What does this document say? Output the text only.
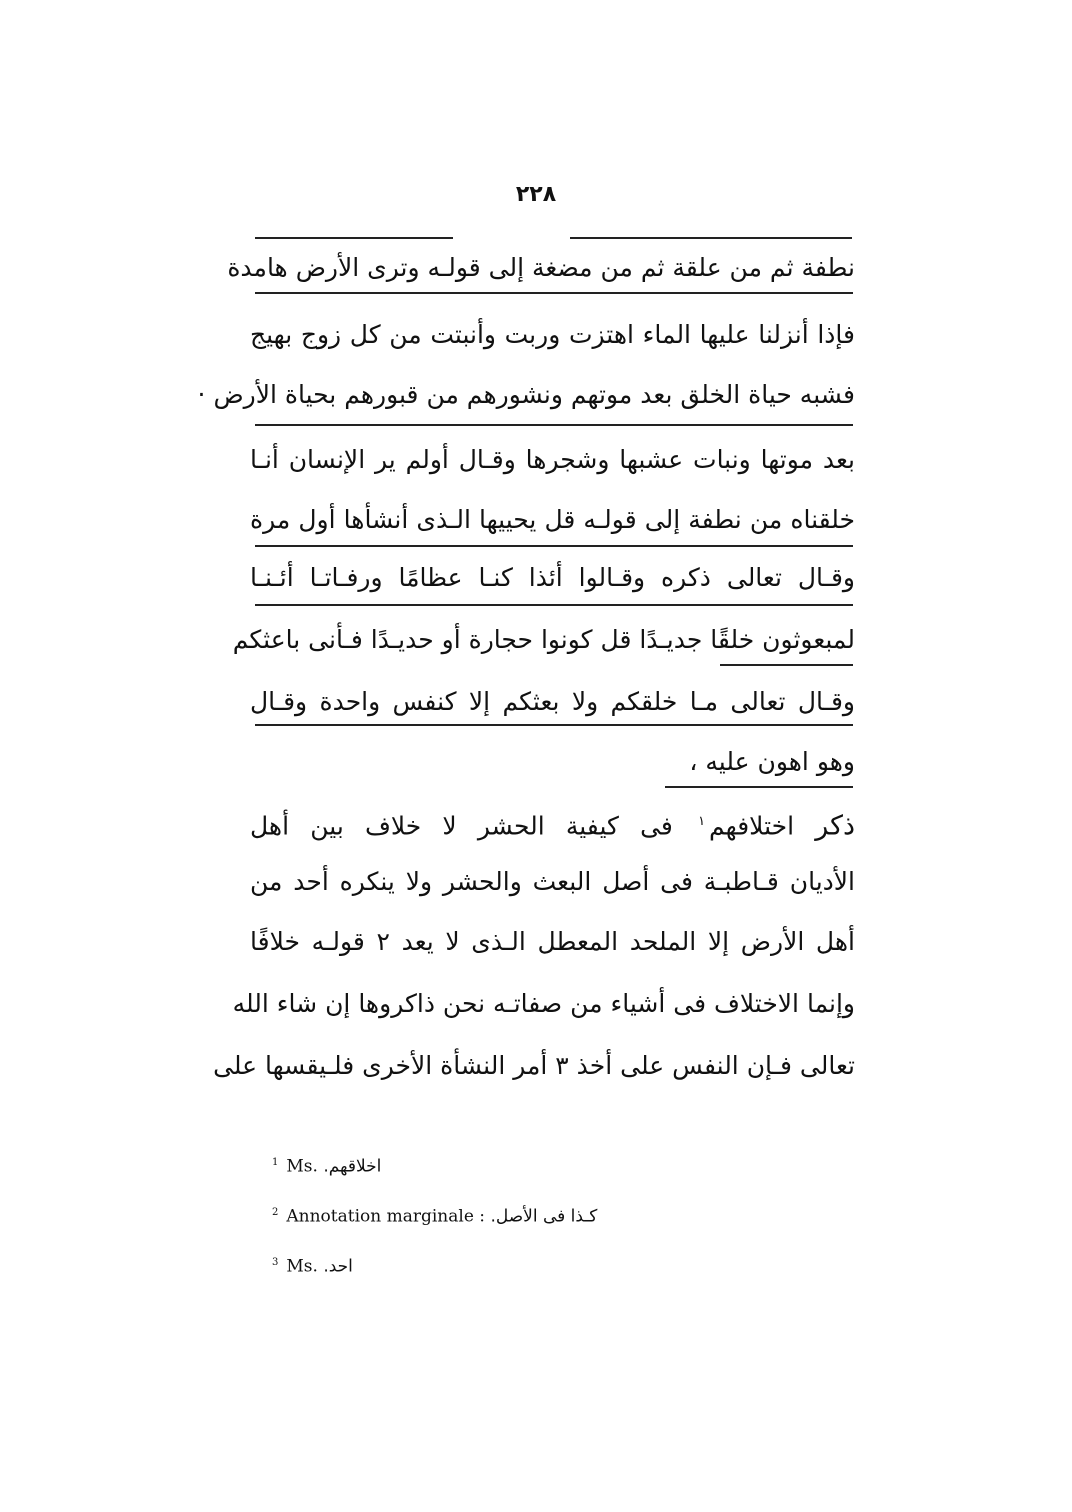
٢٢٨
نطفة ثم من علقة ثم من مضغة إلى قولـه وترى الأرض هامدة
فإذا أنزلنا عليها الماء اهتزت وربت وأنبتت من كل زوج بهيج
فشبه حياة الخلق بعد موتهم ونشورهم من قبورهم بحياة الأرض ·
بعد موتها ونبات عشبها وشجرها وقـال أولم ير الإنسان أنـا
خلقناه من نطفة إلى قولـه قل يحييها الـذى أنشأها أول مرة
وقـال تعالى ذكره وقـالوا أئذا كنـا عظامًا ورفـاتـا أئـنـا
لمبعوثون خلقًا جديـدًا قل كونوا حجارة أو حديـدًا فـأنى باعثكم
وقـال تعالى مـا خلقكم ولا بعثكم إلا كنفس واحدة وقـال
وهو اهون عليه ،
ذكر اختلافهم$^١$ فى كيفية الحشر لا خلاف بين أهل
الأديان قـاطبـة فى أصل البعث والحشر ولا ينكره أحد من
أهل الأرض إلا الملحد المعطل الـذى لا يعد ٢ قولـه خلافًا
وإنما الاختلاف فى أشياء من صفاتـه نحن ذاكروها إن شاء الله
تعالى فـإن النفس على أخذ ٣ أمر النشأة الأخرى فلـيقسها على
$^1$ Ms. اخلاقهم.
$^2$ Annotation marginale : كـذا فى الأصل.
$^3$ Ms. احد.
